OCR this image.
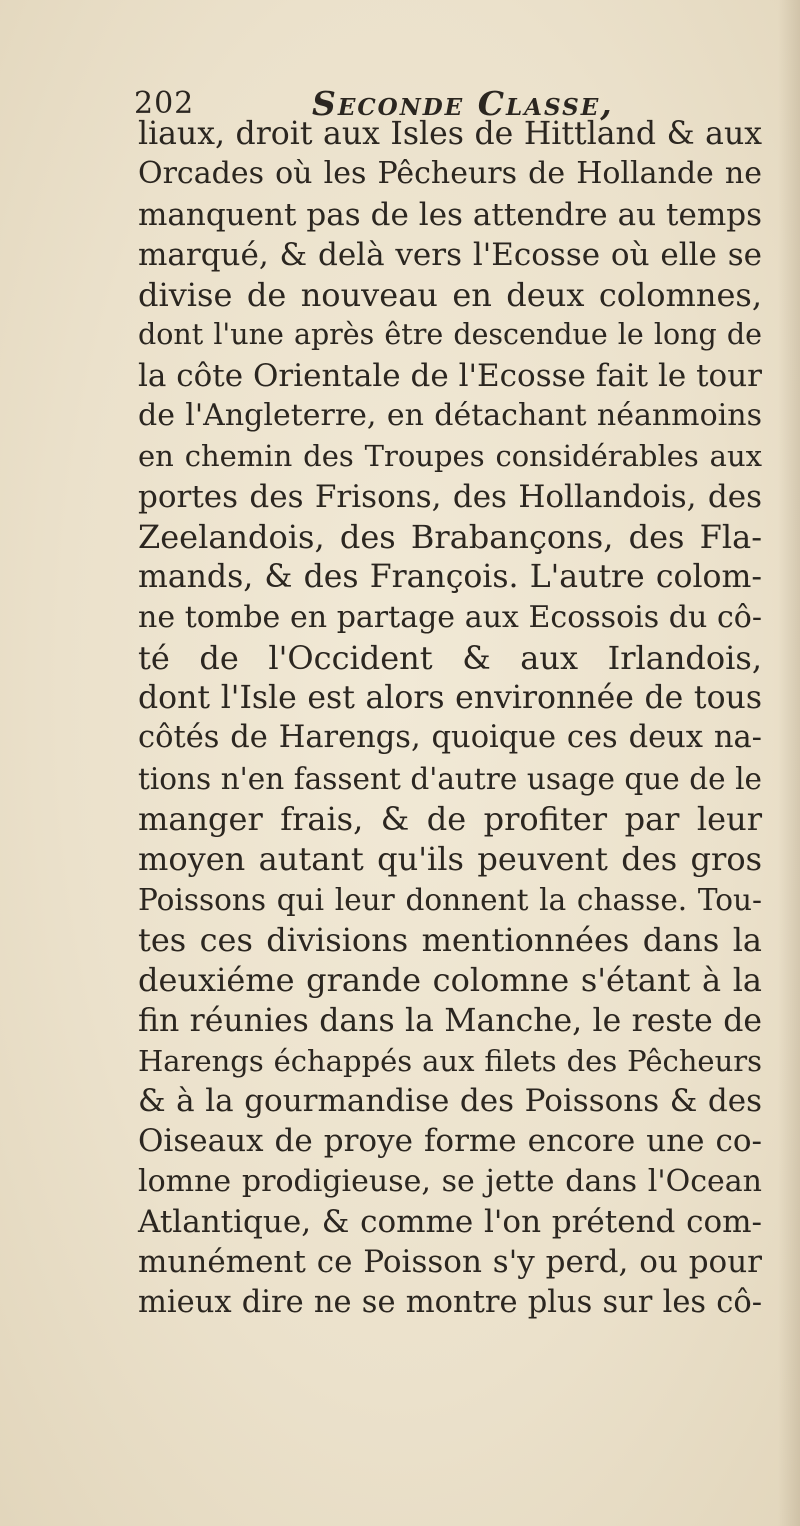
202	Seconde Classe,
liaux, droit aux Isles de Hittland & aux
Orcades où les Pêcheurs de Hollande ne
manquent pas de les attendre au temps
marqué, & delà vers l'Ecosse où elle se
divise de nouveau en deux colomnes,
dont l'une après être descendue le long de
la côte Orientale de l'Ecosse fait le tour
de l'Angleterre, en détachant néanmoins
en chemin des Troupes considérables aux
portes des Frisons, des Hollandois, des
Zeelandois, des Brabançons, des Fla-
mands, & des François. L'autre colom-
ne tombe en partage aux Ecossois du cô-
té de l'Occident & aux Irlandois,
dont l'Isle est alors environnée de tous
côtés de Harengs, quoique ces deux na-
tions n'en fassent d'autre usage que de le
manger frais, & de profiter par leur
moyen autant qu'ils peuvent des gros
Poissons qui leur donnent la chasse. Tou-
tes ces divisions mentionnées dans la
deuxiéme grande colomne s'étant à la
fin réunies dans la Manche, le reste de
Harengs échappés aux filets des Pêcheurs
& à la gourmandise des Poissons & des
Oiseaux de proye forme encore une co-
lomne prodigieuse, se jette dans l'Ocean
Atlantique, & comme l'on prétend com-
munément ce Poisson s'y perd, ou pour
mieux dire ne se montre plus sur les cô-
